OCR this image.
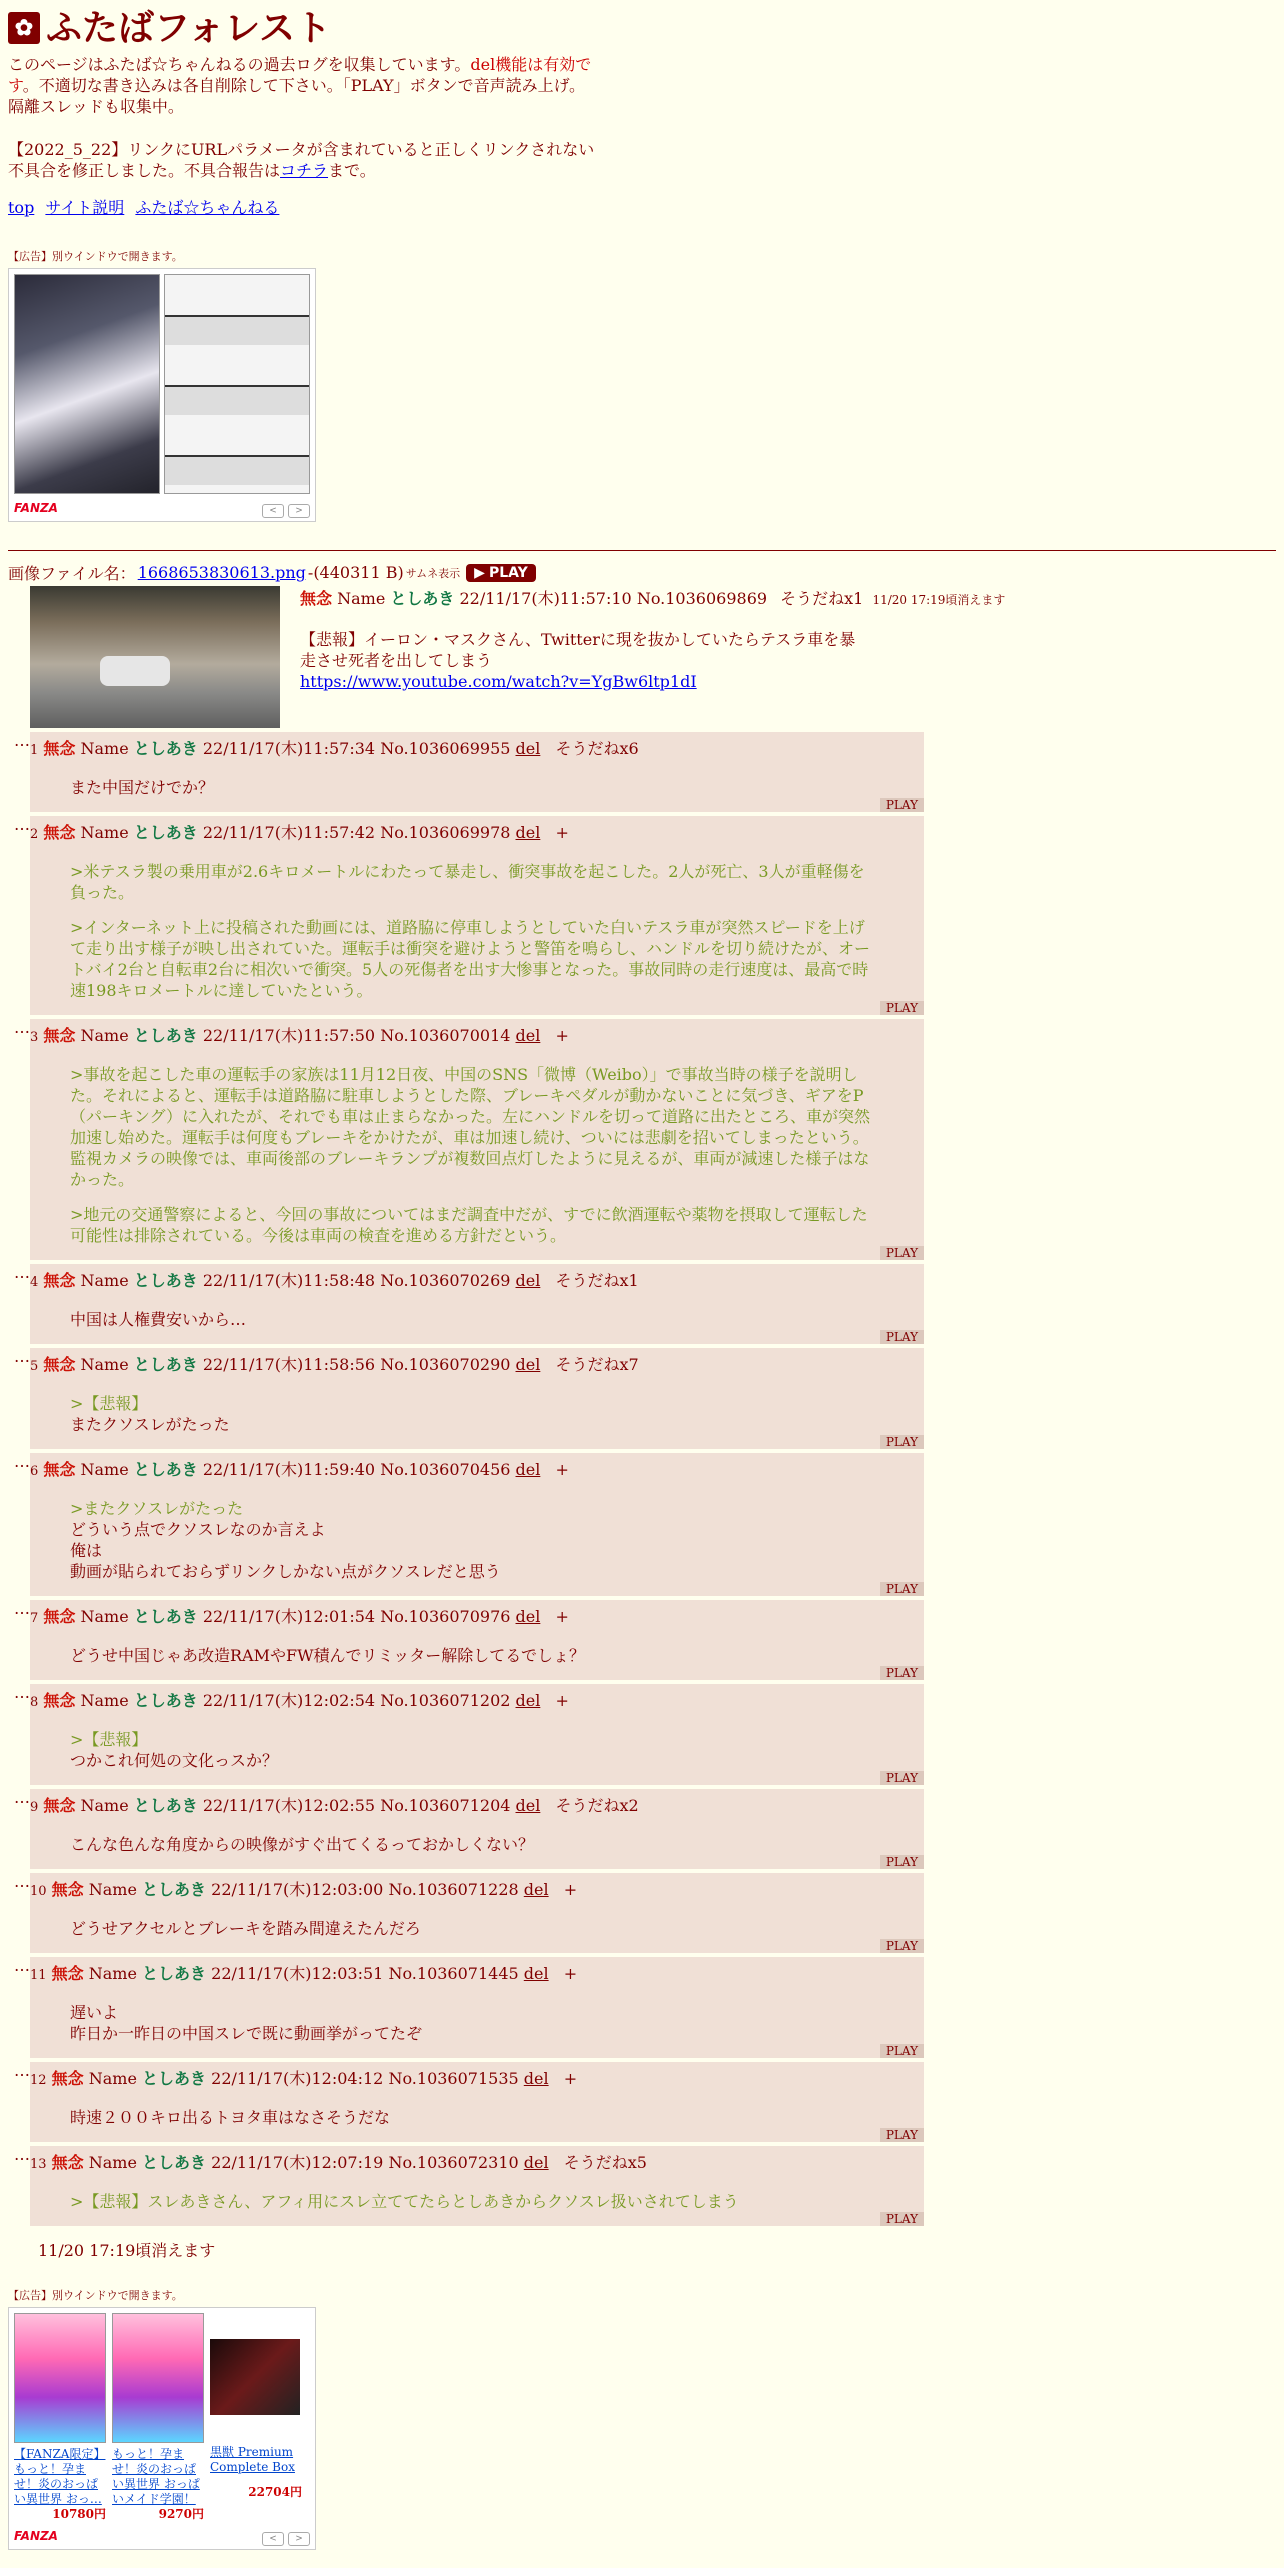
✿ ふたばフォレスト

このページはふたば☆ちゃんねるの過去ログを収集しています。del機能は有効です。不適切な書き込みは各自削除して下さい。「PLAY」ボタンで音声読み上げ。隔離スレッドも収集中。

【2022_5_22】リンクにURLパラメータが含まれていると正しくリンクされない不具合を修正しました。不具合報告はコチラまで。

top サイト説明 ふたば☆ちゃんねる
【広告】別ウインドウで開きます。
FANZA	< >
画像ファイル名： 1668653830613.png -(440311 B) サムネ表示 ▶ PLAY
無念 Name としあき 22/11/17(木)11:57:10 No.1036069869 そうだねx1 11/20 17:19頃消えます
【悲報】イーロン・マスクさん、Twitterに現を抜かしていたらテスラ車を暴
走させ死者を出してしまう
https://www.youtube.com/watch?v=YgBw6ltp1dI
…
1 無念 Name としあき 22/11/17(木)11:57:34 No.1036069955 del そうだねx6
また中国だけでか？
PLAY
…
2 無念 Name としあき 22/11/17(木)11:57:42 No.1036069978 del +
>米テスラ製の乗用車が2.6キロメートルにわたって暴走し、衝突事故を起こした。2人が死亡、3人が重軽傷を負った。
>インターネット上に投稿された動画には、道路脇に停車しようとしていた白いテスラ車が突然スピードを上げて走り出す様子が映し出されていた。運転手は衝突を避けようと警笛を鳴らし、ハンドルを切り続けたが、オートバイ2台と自転車2台に相次いで衝突。5人の死傷者を出す大惨事となった。事故同時の走行速度は、最高で時速198キロメートルに達していたという。
PLAY
…
3 無念 Name としあき 22/11/17(木)11:57:50 No.1036070014 del +
>事故を起こした車の運転手の家族は11月12日夜、中国のSNS「微博（Weibo）」で事故当時の様子を説明した。それによると、運転手は道路脇に駐車しようとした際、ブレーキペダルが動かないことに気づき、ギアをP（パーキング）に入れたが、それでも車は止まらなかった。左にハンドルを切って道路に出たところ、車が突然加速し始めた。運転手は何度もブレーキをかけたが、車は加速し続け、ついには悲劇を招いてしまったという。監視カメラの映像では、車両後部のブレーキランプが複数回点灯したように見えるが、車両が減速した様子はなかった。
>地元の交通警察によると、今回の事故についてはまだ調査中だが、すでに飲酒運転や薬物を摂取して運転した可能性は排除されている。今後は車両の検査を進める方針だという。
PLAY
…
4 無念 Name としあき 22/11/17(木)11:58:48 No.1036070269 del そうだねx1
中国は人権費安いから…
PLAY
…
5 無念 Name としあき 22/11/17(木)11:58:56 No.1036070290 del そうだねx7
>【悲報】
またクソスレがたった
PLAY
…
6 無念 Name としあき 22/11/17(木)11:59:40 No.1036070456 del +
>またクソスレがたった
どういう点でクソスレなのか言えよ
俺は
動画が貼られておらずリンクしかない点がクソスレだと思う
PLAY
…
7 無念 Name としあき 22/11/17(木)12:01:54 No.1036070976 del +
どうせ中国じゃあ改造RAMやFW積んでリミッター解除してるでしょ？
PLAY
…
8 無念 Name としあき 22/11/17(木)12:02:54 No.1036071202 del +
>【悲報】
つかこれ何処の文化っスか？
PLAY
…
9 無念 Name としあき 22/11/17(木)12:02:55 No.1036071204 del そうだねx2
こんな色んな角度からの映像がすぐ出てくるっておかしくない？
PLAY
…
10 無念 Name としあき 22/11/17(木)12:03:00 No.1036071228 del +
どうせアクセルとブレーキを踏み間違えたんだろ
PLAY
…
11 無念 Name としあき 22/11/17(木)12:03:51 No.1036071445 del +
遅いよ
昨日か一昨日の中国スレで既に動画挙がってたぞ
PLAY
…
12 無念 Name としあき 22/11/17(木)12:04:12 No.1036071535 del +
時速２００キロ出るトヨタ車はなさそうだな
PLAY
…
13 無念 Name としあき 22/11/17(木)12:07:19 No.1036072310 del そうだねx5
>【悲報】スレあきさん、アフィ用にスレ立ててたらとしあきからクソスレ扱いされてしまう
PLAY
11/20 17:19頃消えます
【広告】別ウインドウで開きます。
【FANZA限定】もっと！孕ませ！炎のおっぱい異世界 おっ…
10780円
もっと！孕ませ！炎のおっぱい異世界 おっぱいメイド学園！
9270円
黒獣 Premium Complete Box
22704円
FANZA	< >
